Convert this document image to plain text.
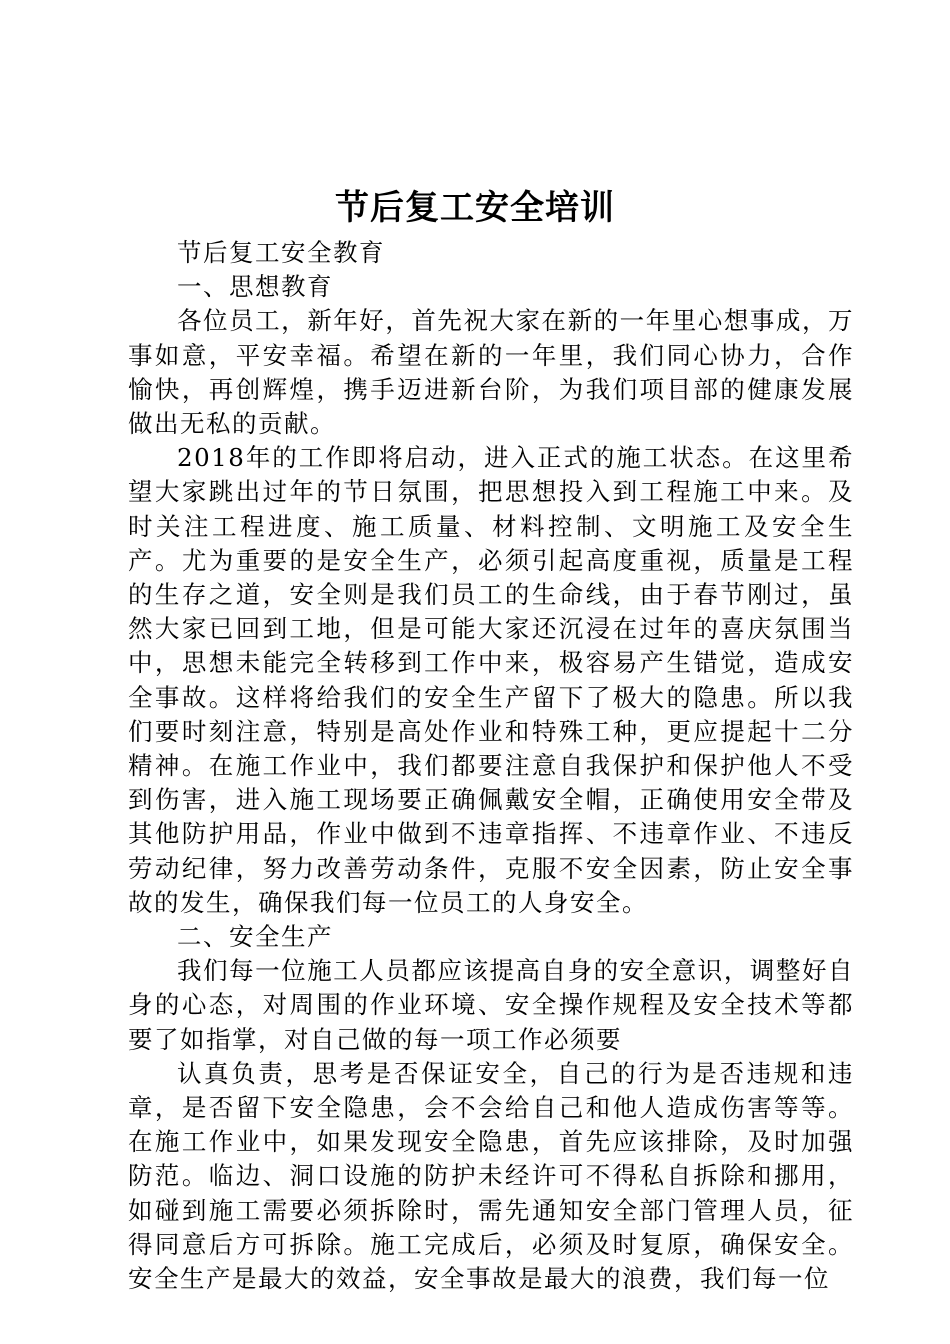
节后复工安全培训

节后复工安全教育

一、思想教育

各位员工，新年好，首先祝大家在新的一年里心想事成，万事如意，平安幸福。希望在新的一年里，我们同心协力，合作愉快，再创辉煌，携手迈进新台阶，为我们项目部的健康发展做出无私的贡献。

2018年的工作即将启动，进入正式的施工状态。在这里希望大家跳出过年的节日氛围，把思想投入到工程施工中来。及时关注工程进度、施工质量、材料控制、文明施工及安全生产。尤为重要的是安全生产，必须引起高度重视，质量是工程的生存之道，安全则是我们员工的生命线，由于春节刚过，虽然大家已回到工地，但是可能大家还沉浸在过年的喜庆氛围当中，思想未能完全转移到工作中来，极容易产生错觉，造成安全事故。这样将给我们的安全生产留下了极大的隐患。所以我们要时刻注意，特别是高处作业和特殊工种，更应提起十二分精神。在施工作业中，我们都要注意自我保护和保护他人不受到伤害，进入施工现场要正确佩戴安全帽，正确使用安全带及其他防护用品，作业中做到不违章指挥、不违章作业、不违反劳动纪律，努力改善劳动条件，克服不安全因素，防止安全事故的发生，确保我们每一位员工的人身安全。

二、安全生产

我们每一位施工人员都应该提高自身的安全意识，调整好自身的心态，对周围的作业环境、安全操作规程及安全技术等都要了如指掌，对自己做的每一项工作必须要

认真负责，思考是否保证安全，自己的行为是否违规和违章，是否留下安全隐患，会不会给自己和他人造成伤害等等。在施工作业中，如果发现安全隐患，首先应该排除，及时加强防范。临边、洞口设施的防护未经许可不得私自拆除和挪用，如碰到施工需要必须拆除时，需先通知安全部门管理人员，征得同意后方可拆除。施工完成后，必须及时复原，确保安全。安全生产是最大的效益，安全事故是最大的浪费，我们每一位
